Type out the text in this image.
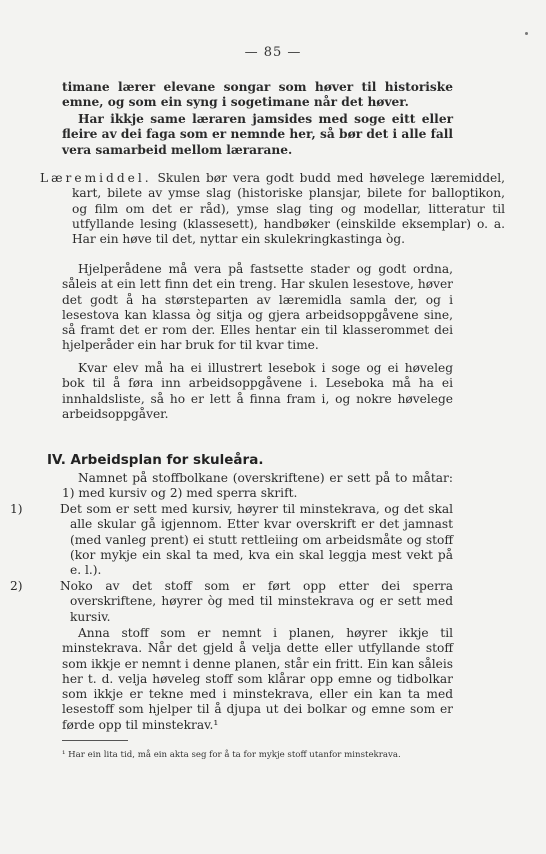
— 85 —

timane lærer elevane songar som høver til historiske emne, og som ein syng i sogetimane når det høver.

Har ikkje same læraren jamsides med soge eitt eller fleire av dei faga som er nemnde her, så bør det i alle fall vera samarbeid mellom lærarane.

Læremiddel. Skulen bør vera godt budd med høvelege læremiddel, kart, bilete av ymse slag (historiske plansjar, bilete for balloptikon, og film om det er råd), ymse slag ting og modellar, litteratur til utfyllande lesing (klassesett), handbøker (einskilde eksemplar) o. a. Har ein høve til det, nyttar ein skulekringkastinga òg.

Hjelperådene må vera på fastsette stader og godt ordna, såleis at ein lett finn det ein treng. Har skulen lesestove, høver det godt å ha størsteparten av læremidla samla der, og i lesestova kan klassa òg sitja og gjera arbeidsoppgåvene sine, så framt det er rom der. Elles hentar ein til klasserommet dei hjelperåder ein har bruk for til kvar time.

Kvar elev må ha ei illustrert lesebok i soge og ei høveleg bok til å føra inn arbeidsoppgåvene i. Leseboka må ha ei innhaldsliste, så ho er lett å finna fram i, og nokre høvelege arbeidsoppgåver.

IV. Arbeidsplan for skuleåra.

Namnet på stoffbolkane (overskriftene) er sett på to måtar: 1) med kursiv og 2) med sperra skrift.

1)	Det som er sett med kursiv, høyrer til minstekrava, og det skal alle skular gå igjennom. Etter kvar overskrift er det jamnast (med vanleg prent) ei stutt rettleiing om arbeidsmåte og stoff (kor mykje ein skal ta med, kva ein skal leggja mest vekt på e. l.).

2)	Noko av det stoff som er ført opp etter dei sperra overskriftene, høyrer òg med til minstekrava og er sett med kursiv.

Anna stoff som er nemnt i planen, høyrer ikkje til minstekrava. Når det gjeld å velja dette eller utfyllande stoff som ikkje er nemnt i denne planen, står ein fritt. Ein kan såleis her t. d. velja høveleg stoff som klårar opp emne og tidbolkar som ikkje er tekne med i minstekrava, eller ein kan ta med lesestoff som hjelper til å djupa ut dei bolkar og emne som er førde opp til minstekrav.¹

¹ Har ein lita tid, må ein akta seg for å ta for mykje stoff utanfor minstekrava.
